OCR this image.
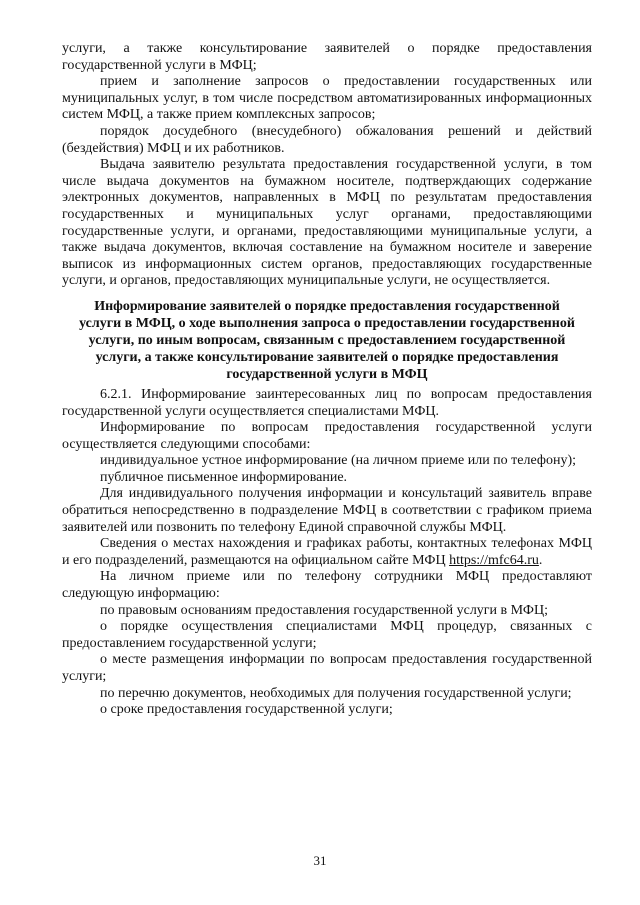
услуги, а также консультирование заявителей о порядке предоставления государственной услуги в МФЦ;

прием и заполнение запросов о предоставлении государственных или муниципальных услуг, в том числе посредством автоматизированных информационных систем МФЦ, а также прием комплексных запросов;

порядок досудебного (внесудебного) обжалования решений и действий (бездействия) МФЦ и их работников.

Выдача заявителю результата предоставления государственной услуги, в том числе выдача документов на бумажном носителе, подтверждающих содержание электронных документов, направленных в МФЦ по результатам предоставления государственных и муниципальных услуг органами, предоставляющими государственные услуги, и органами, предоставляющими муниципальные услуги, а также выдача документов, включая составление на бумажном носителе и заверение выписок из информационных систем органов, предоставляющих государственные услуги, и органов, предоставляющих муниципальные услуги, не осуществляется.

Информирование заявителей о порядке предоставления государственной услуги в МФЦ, о ходе выполнения запроса о предоставлении государственной услуги, по иным вопросам, связанным с предоставлением государственной услуги, а также консультирование заявителей о порядке предоставления государственной услуги в МФЦ

6.2.1. Информирование заинтересованных лиц по вопросам предоставления государственной услуги осуществляется специалистами МФЦ.

Информирование по вопросам предоставления государственной услуги осуществляется следующими способами:

индивидуальное устное информирование (на личном приеме или по телефону);

публичное письменное информирование.

Для индивидуального получения информации и консультаций заявитель вправе обратиться непосредственно в подразделение МФЦ в соответствии с графиком приема заявителей или позвонить по телефону Единой справочной службы МФЦ.

Сведения о местах нахождения и графиках работы, контактных телефонах МФЦ и его подразделений, размещаются на официальном сайте МФЦ https://mfc64.ru.

На личном приеме или по телефону сотрудники МФЦ предоставляют следующую информацию:

по правовым основаниям предоставления государственной услуги в МФЦ;

о порядке осуществления специалистами МФЦ процедур, связанных с предоставлением государственной услуги;

о месте размещения информации по вопросам предоставления государственной услуги;

по перечню документов, необходимых для получения государственной услуги;

о сроке предоставления государственной услуги;

31
